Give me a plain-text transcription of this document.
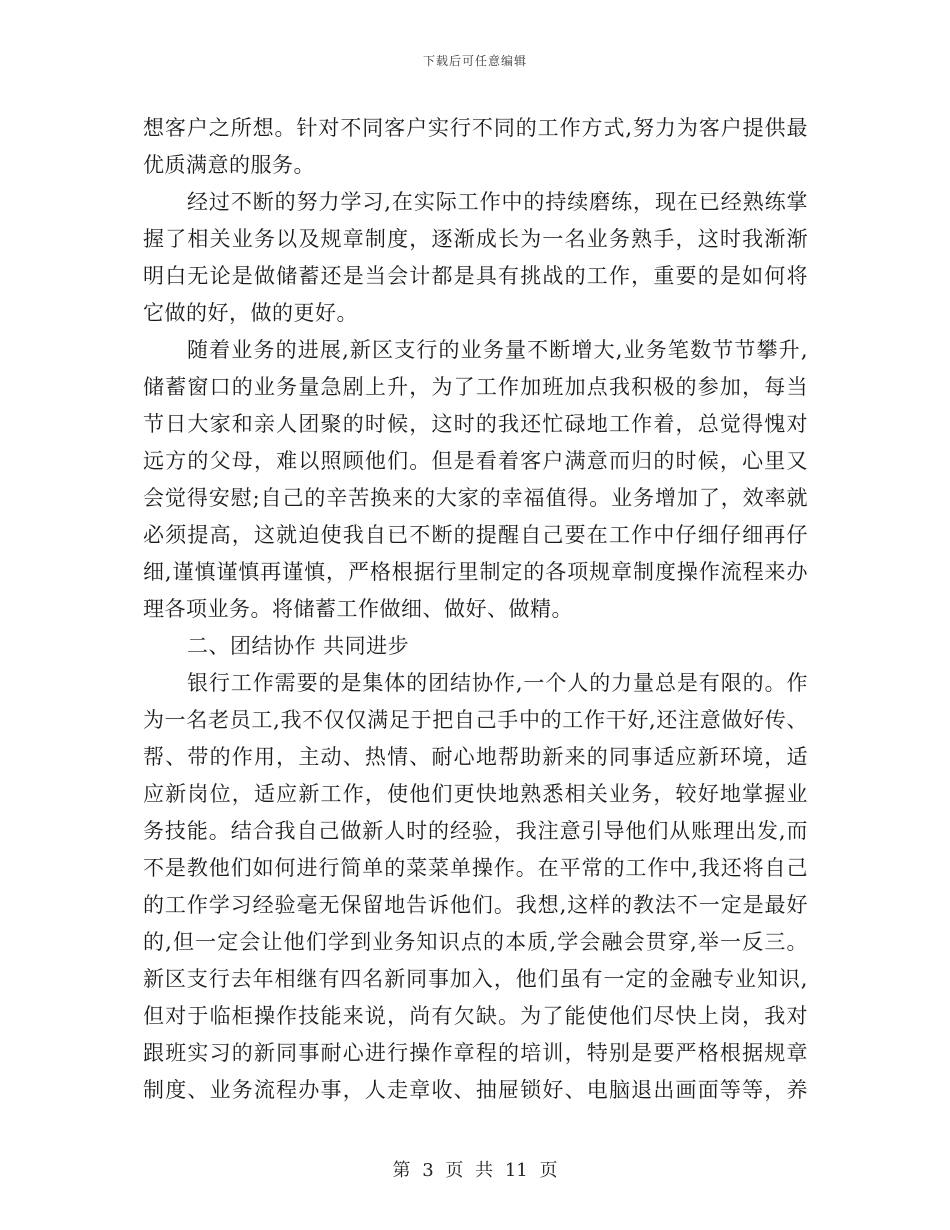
下载后可任意编辑
想客户之所想。针对不同客户实行不同的工作方式,努力为客户提供最
优质满意的服务。
经过不断的努力学习,在实际工作中的持续磨练，现在已经熟练掌
握了相关业务以及规章制度，逐渐成长为一名业务熟手，这时我渐渐
明白无论是做储蓄还是当会计都是具有挑战的工作，重要的是如何将
它做的好，做的更好。
随着业务的进展,新区支行的业务量不断增大,业务笔数节节攀升,
储蓄窗口的业务量急剧上升，为了工作加班加点我积极的参加，每当
节日大家和亲人团聚的时候，这时的我还忙碌地工作着，总觉得愧对
远方的父母，难以照顾他们。但是看着客户满意而归的时候，心里又
会觉得安慰;自己的辛苦换来的大家的幸福值得。业务增加了，效率就
必须提高，这就迫使我自已不断的提醒自己要在工作中仔细仔细再仔
细,谨慎谨慎再谨慎，严格根据行里制定的各项规章制度操作流程来办
理各项业务。将储蓄工作做细、做好、做精。
二、团结协作 共同进步
银行工作需要的是集体的团结协作,一个人的力量总是有限的。作
为一名老员工,我不仅仅满足于把自己手中的工作干好,还注意做好传、
帮、带的作用，主动、热情、耐心地帮助新来的同事适应新环境，适
应新岗位，适应新工作，使他们更快地熟悉相关业务，较好地掌握业
务技能。结合我自己做新人时的经验，我注意引导他们从账理出发,而
不是教他们如何进行简单的菜菜单操作。在平常的工作中,我还将自己
的工作学习经验毫无保留地告诉他们。我想,这样的教法不一定是最好
的,但一定会让他们学到业务知识点的本质,学会融会贯穿,举一反三。
新区支行去年相继有四名新同事加入，他们虽有一定的金融专业知识,
但对于临柜操作技能来说，尚有欠缺。为了能使他们尽快上岗，我对
跟班实习的新同事耐心进行操作章程的培训，特别是要严格根据规章
制度、业务流程办事，人走章收、抽屉锁好、电脑退出画面等等，养
第 3 页 共 11 页
